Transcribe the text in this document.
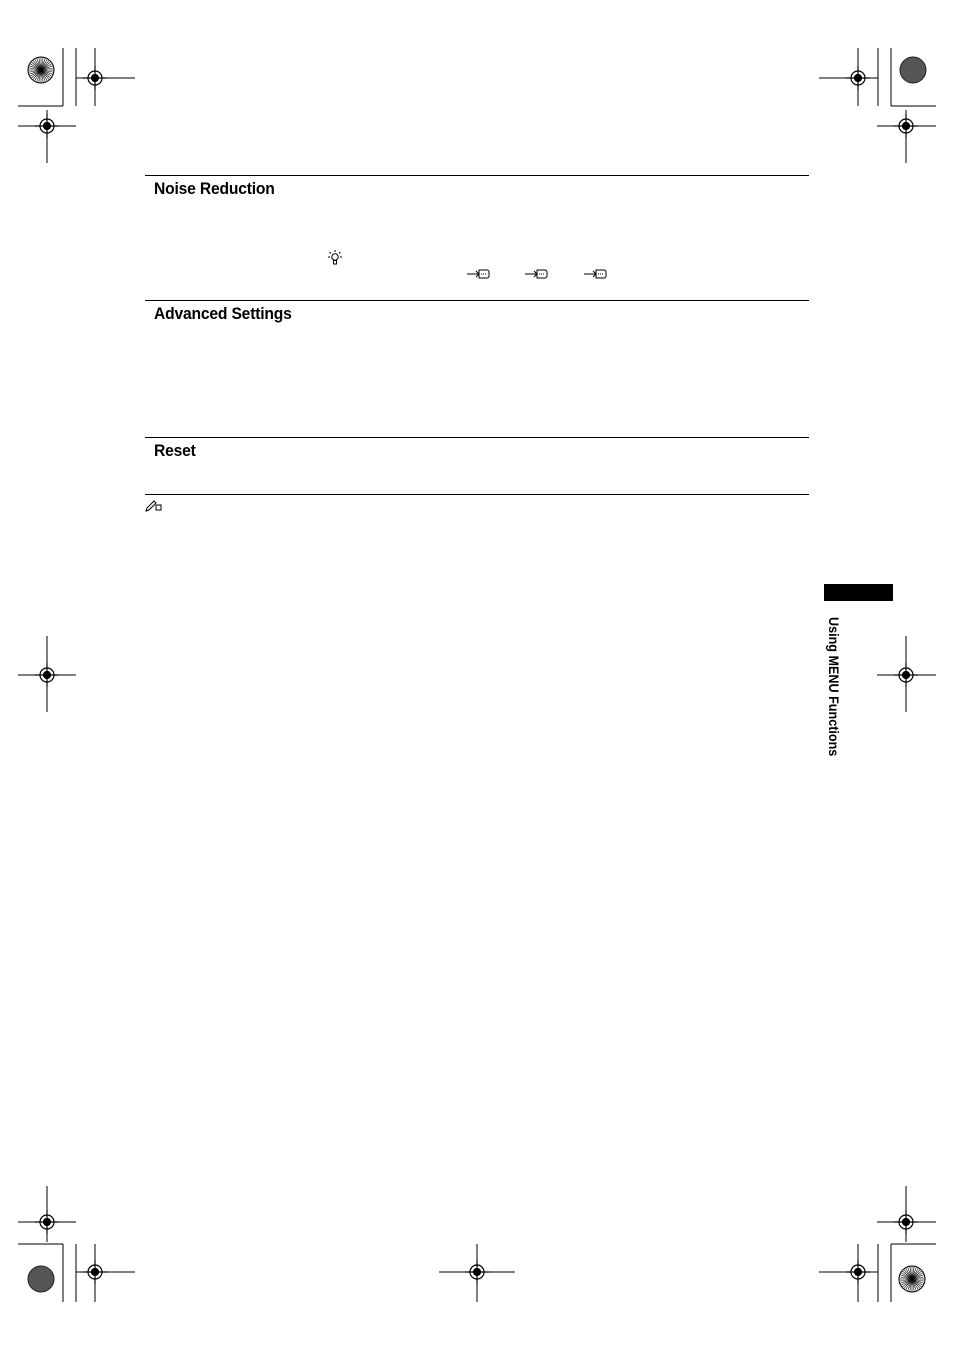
Noise Reduction
Advanced Settings
Reset
Using MENU Functions
